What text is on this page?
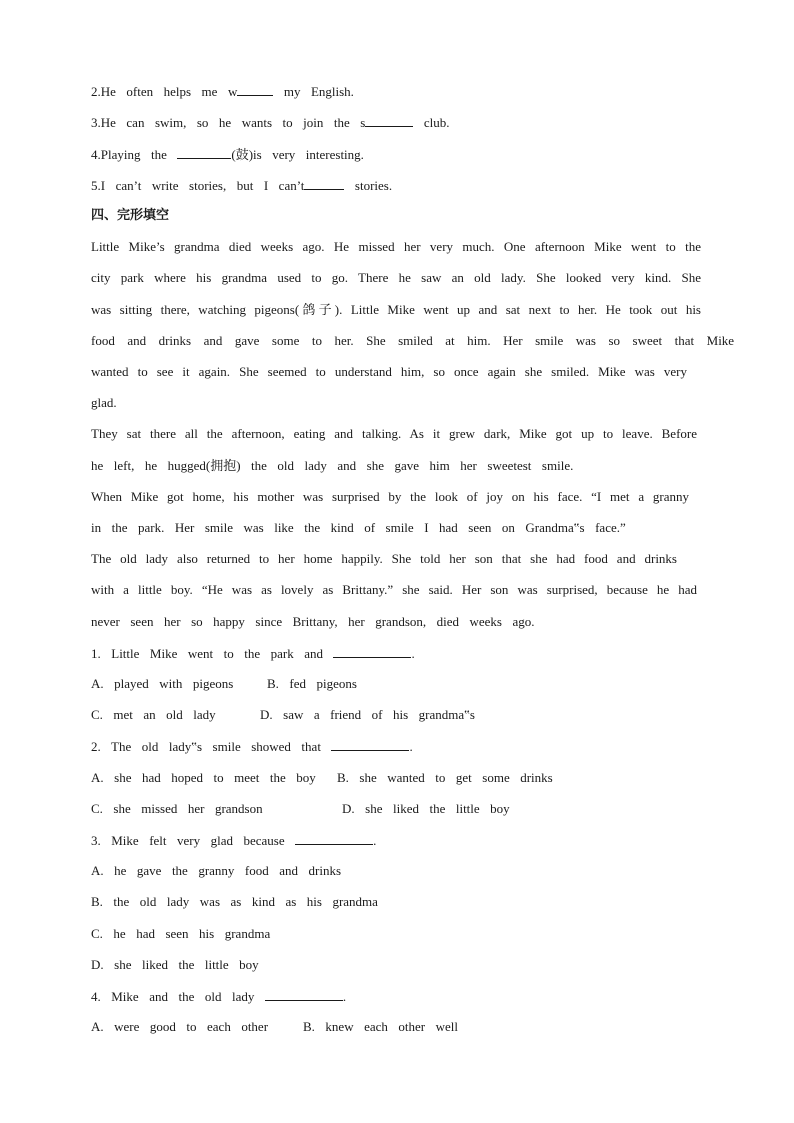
2.He  often  helps  me  w	my  English.
3.He  can  swim,  so  he  wants  to  join  the  s	club.
4.Playing  the	(鼓)is  very  interesting.
5.I  can’t  write  stories,  but  I  can’t	stories.
四、完形填空
Little Mike’s grandma died weeks ago. He missed her very much. One afternoon Mike went to the
city park where his grandma used to go. There he saw an old lady. She looked very kind. She
was sitting there, watching pigeons(鸽子). Little Mike went up and sat next to her. He took out his
food  and  drinks  and  gave  some  to  her.  She  smiled  at  him.  Her  smile  was  so  sweet  that  Mike
wanted to see it again. She seemed to understand him, so once again she smiled. Mike was very
glad.
They sat there all the afternoon, eating and talking. As it grew dark, Mike got up to leave. Before
he  left,  he  hugged(拥抱)  the  old  lady  and  she  gave  him  her  sweetest  smile.
When Mike got home, his mother was surprised by the look of joy on his face. “I met a granny
in  the  park.  Her  smile  was  like  the  kind  of  smile  I  had  seen  on  Grandma‟s  face.”
The old lady also returned to her home happily. She told her son that she had food and drinks
with a little boy. “He was as lovely as Brittany.” she said. Her son was surprised, because he had
never  seen  her  so  happy  since  Brittany,  her  grandson,  died  weeks  ago.
1.  Little  Mike  went  to  the  park  and	.
A.  played  with  pigeons	B.  fed  pigeons
C.  met  an  old  lady	D.  saw  a  friend  of  his  grandma‟s
2.  The  old  lady‟s  smile  showed  that	.
A.  she  had  hoped  to  meet  the  boy B.  she  wanted  to  get  some  drinks
C.  she  missed  her  grandson	D.  she  liked  the  little  boy
3.  Mike  felt  very  glad  because	.
A.  he  gave  the  granny  food  and  drinks
B.  the  old  lady  was  as  kind  as  his  grandma
C.  he  had  seen  his  grandma
D.  she  liked  the  little  boy
4.  Mike  and  the  old  lady	.
A.  were  good  to  each  other	B.  knew  each  other  well
